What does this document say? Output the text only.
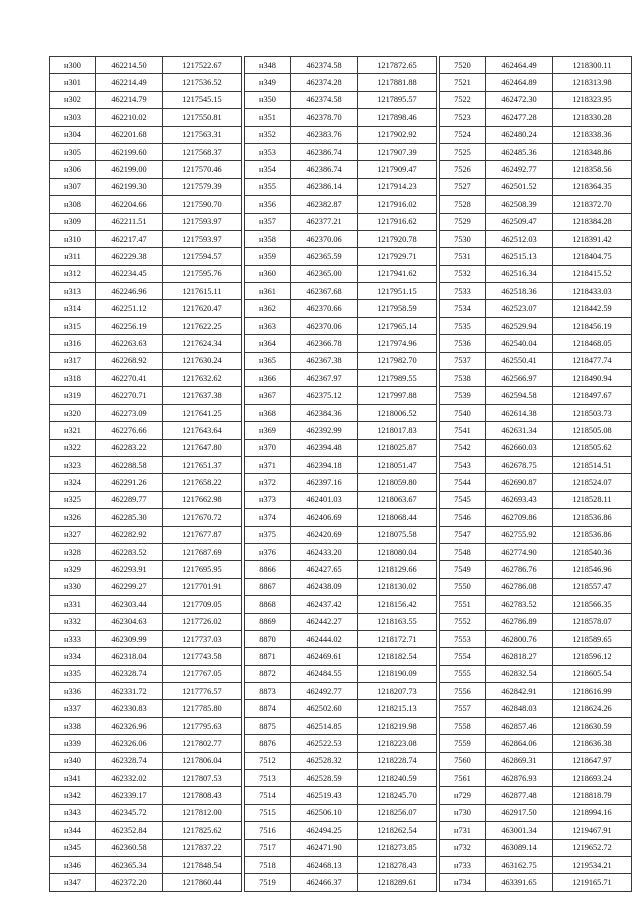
н300	462214.50	1217522.67
н301	462214.49	1217536.52
н302	462214.79	1217545.15
н303	462210.02	1217550.81
н304	462201.68	1217563.31
н305	462199.60	1217568.37
н306	462199.00	1217570.46
н307	462199.30	1217579.39
н308	462204.66	1217590.70
н309	462211.51	1217593.97
н310	462217.47	1217593.97
н311	462229.38	1217594.57
н312	462234.45	1217595.76
н313	462246.96	1217615.11
н314	462251.12	1217620.47
н315	462256.19	1217622.25
н316	462263.63	1217624.34
н317	462268.92	1217630.24
н318	462270.41	1217632.62
н319	462270.71	1217637.38
н320	462273.09	1217641.25
н321	462276.66	1217643.64
н322	462283.22	1217647.80
н323	462288.58	1217651.37
н324	462291.26	1217658.22
н325	462289.77	1217662.98
н326	462285.30	1217670.72
н327	462282.92	1217677.87
н328	462283.52	1217687.69
н329	462293.91	1217695.95
н330	462299.27	1217701.91
н331	462303.44	1217709.05
н332	462304.63	1217726.02
н333	462309.99	1217737.03
н334	462318.04	1217743.58
н335	462328.74	1217767.05
н336	462331.72	1217776.57
н337	462330.83	1217785.80
н338	462326.96	1217795.63
н339	462326.06	1217802.77
н340	462328.74	1217806.04
н341	462332.02	1217807.53
н342	462339.17	1217808.43
н343	462345.72	1217812.00
н344	462352.84	1217825.62
н345	462360.58	1217837.22
н346	462365.34	1217848.54
н347	462372.20	1217860.44
н348	462374.58	1217872.65
н349	462374.28	1217881.88
н350	462374.58	1217895.57
н351	462378.70	1217898.46
н352	462383.76	1217902.92
н353	462386.74	1217907.39
н354	462386.74	1217909.47
н355	462386.14	1217914.23
н356	462382.87	1217916.02
н357	462377.21	1217916.62
н358	462370.06	1217920.78
н359	462365.59	1217929.71
н360	462365.00	1217941.62
н361	462367.68	1217951.15
н362	462370.66	1217958.59
н363	462370.06	1217965.14
н364	462366.78	1217974.96
н365	462367.38	1217982.70
н366	462367.97	1217989.55
н367	462375.12	1217997.88
н368	462384.36	1218006.52
н369	462392.99	1218017.83
н370	462394.48	1218025.87
н371	462394.18	1218051.47
н372	462397.16	1218059.80
н373	462401.03	1218063.67
н374	462406.69	1218068.44
н375	462420.69	1218075.58
н376	462433.20	1218080.04
8866	462427.65	1218129.66
8867	462438.09	1218130.02
8868	462437.42	1218156.42
8869	462442.27	1218163.55
8870	462444.02	1218172.71
8871	462469.61	1218182.54
8872	462484.55	1218190.09
8873	462492.77	1218207.73
8874	462502.60	1218215.13
8875	462514.85	1218219.98
8876	462522.53	1218223.08
7512	462528.32	1218228.74
7513	462528.59	1218240.59
7514	462519.43	1218245.70
7515	462506.10	1218256.07
7516	462494.25	1218262.54
7517	462471.90	1218273.85
7518	462468.13	1218278.43
7519	462466.37	1218289.61
7520	462464.49	1218300.11
7521	462464.89	1218313.98
7522	462472.30	1218323.95
7523	462477.28	1218330.28
7524	462480.24	1218338.36
7525	462485.36	1218348.86
7526	462492.77	1218358.56
7527	462501.52	1218364.35
7528	462508.39	1218372.70
7529	462509.47	1218384.28
7530	462512.03	1218391.42
7531	462515.13	1218404.75
7532	462516.34	1218415.52
7533	462518.36	1218433.03
7534	462523.07	1218442.59
7535	462529.94	1218456.19
7536	462540.04	1218468.05
7537	462550.41	1218477.74
7538	462566.97	1218490.94
7539	462594.58	1218497.67
7540	462614.38	1218503.73
7541	462631.34	1218505.08
7542	462660.03	1218505.62
7543	462678.75	1218514.51
7544	462690.87	1218524.07
7545	462693.43	1218528.11
7546	462709.86	1218536.86
7547	462755.92	1218536.86
7548	462774.90	1218540.36
7549	462786.76	1218546.96
7550	462786.08	1218557.47
7551	462783.52	1218566.35
7552	462786.89	1218578.07
7553	462800.76	1218589.65
7554	462818.27	1218596.12
7555	462832.54	1218605.54
7556	462842.91	1218616.99
7557	462848.03	1218624.26
7558	462857.46	1218630.59
7559	462864.06	1218636.38
7560	462869.31	1218647.97
7561	462876.93	1218693.24
н729	462877.48	1218818.79
н730	462917.50	1218994.16
н731	463001.34	1219467.91
н732	463089.14	1219652.72
н733	463162.75	1219534.21
н734	463391.65	1219165.71
